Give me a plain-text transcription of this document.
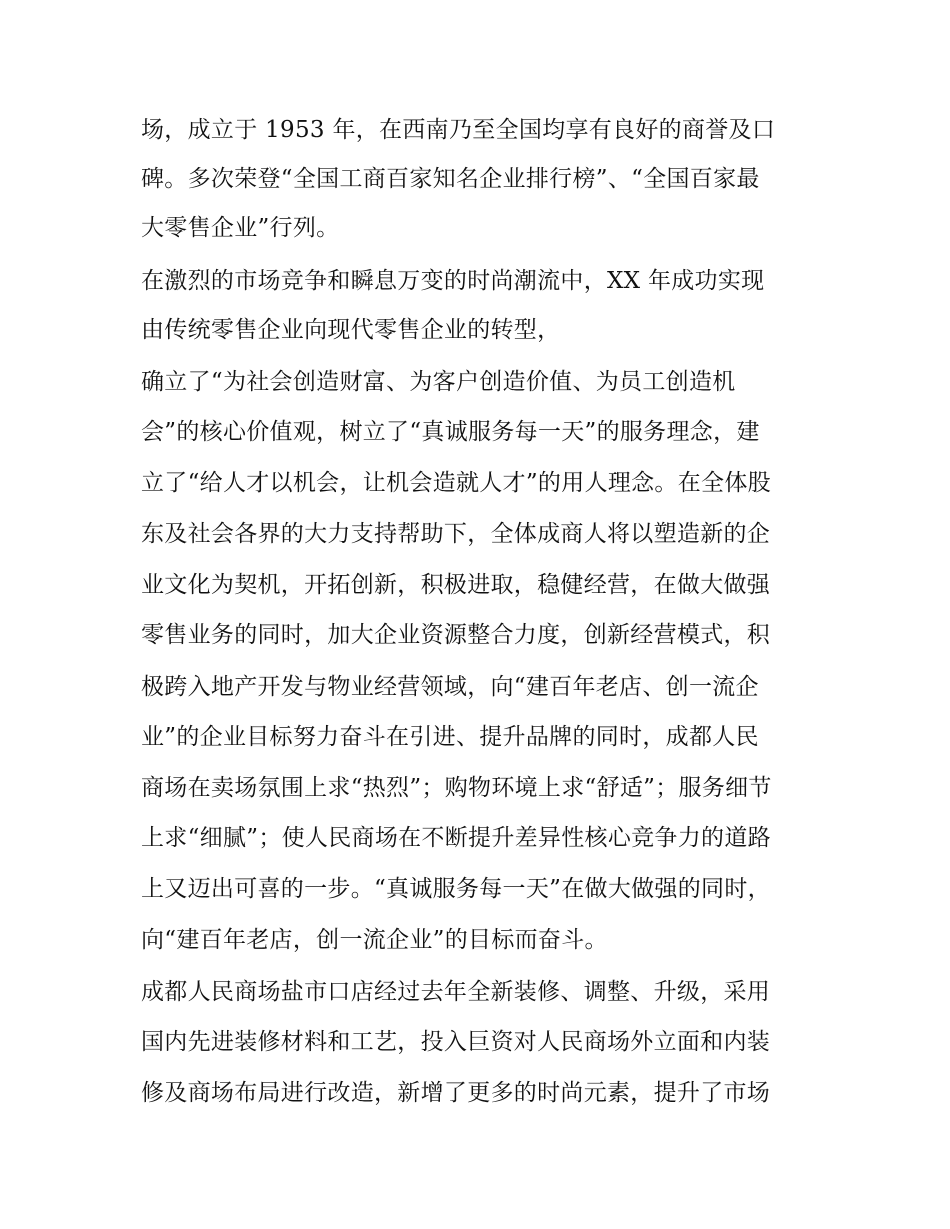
场，成立于 1953 年，在西南乃至全国均享有良好的商誉及口
碑。多次荣登“全国工商百家知名企业排行榜”、“全国百家最
大零售企业”行列。
在激烈的市场竞争和瞬息万变的时尚潮流中，XX 年成功实现
由传统零售企业向现代零售企业的转型，
确立了“为社会创造财富、为客户创造价值、为员工创造机
会”的核心价值观，树立了“真诚服务每一天”的服务理念，建
立了“给人才以机会，让机会造就人才”的用人理念。在全体股
东及社会各界的大力支持帮助下，全体成商人将以塑造新的企
业文化为契机，开拓创新，积极进取，稳健经营，在做大做强
零售业务的同时，加大企业资源整合力度，创新经营模式，积
极跨入地产开发与物业经营领域，向“建百年老店、创一流企
业”的企业目标努力奋斗在引进、提升品牌的同时，成都人民
商场在卖场氛围上求“热烈”；购物环境上求“舒适”；服务细节
上求“细腻”；使人民商场在不断提升差异性核心竞争力的道路
上又迈出可喜的一步。“真诚服务每一天”在做大做强的同时，
向“建百年老店，创一流企业”的目标而奋斗。
成都人民商场盐市口店经过去年全新装修、调整、升级，采用
国内先进装修材料和工艺，投入巨资对人民商场外立面和内装
修及商场布局进行改造，新增了更多的时尚元素，提升了市场
